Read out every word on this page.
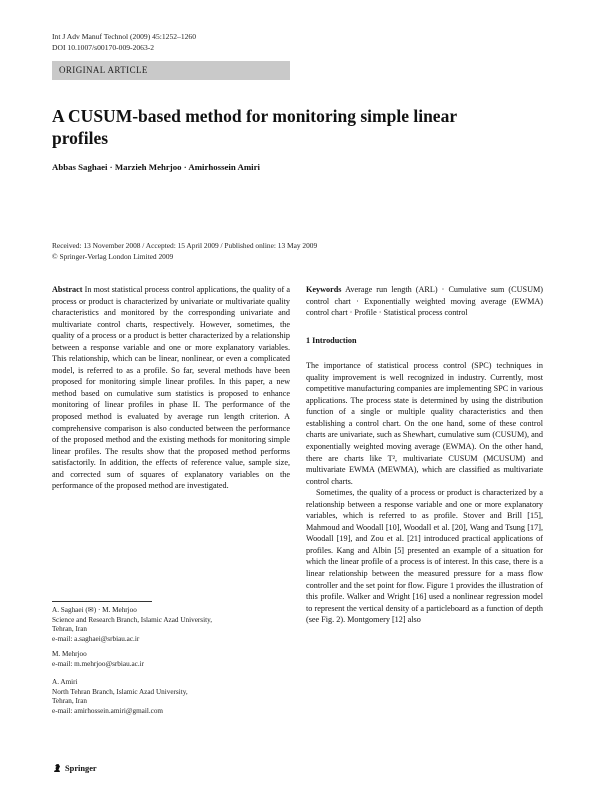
Int J Adv Manuf Technol (2009) 45:1252–1260
DOI 10.1007/s00170-009-2063-2
ORIGINAL ARTICLE
A CUSUM-based method for monitoring simple linear profiles
Abbas Saghaei · Marzieh Mehrjoo · Amirhossein Amiri
Received: 13 November 2008 / Accepted: 15 April 2009 / Published online: 13 May 2009
© Springer-Verlag London Limited 2009

Abstract In most statistical process control applications, the quality of a process or product is characterized by univariate or multivariate quality characteristics and monitored by the corresponding univariate and multivariate control charts, respectively. However, sometimes, the quality of a process or a product is better characterized by a relationship between a response variable and one or more explanatory variables. This relationship, which can be linear, nonlinear, or even a complicated model, is referred to as a profile. So far, several methods have been proposed for monitoring simple linear profiles. In this paper, a new method based on cumulative sum statistics is proposed to enhance monitoring of linear profiles in phase II. The performance of the proposed method is evaluated by average run length criterion. A comprehensive comparison is also conducted between the performance of the proposed method and the existing methods for monitoring simple linear profiles. The results show that the proposed method performs satisfactorily. In addition, the effects of reference value, sample size, and corrected sum of squares of explanatory variables on the performance of the proposed method are investigated.

Keywords Average run length (ARL) · Cumulative sum (CUSUM) control chart · Exponentially weighted moving average (EWMA) control chart · Profile · Statistical process control

1 Introduction

The importance of statistical process control (SPC) techniques in quality improvement is well recognized in industry. Currently, most competitive manufacturing companies are implementing SPC in various applications. The process state is determined by using the distribution function of a single or multiple quality characteristics and then establishing a control chart. On the one hand, some of these control charts are univariate, such as Shewhart, cumulative sum (CUSUM), and exponentially weighted moving average (EWMA). On the other hand, there are charts like T², multivariate CUSUM (MCUSUM) and multivariate EWMA (MEWMA), which are classified as multivariate control charts.

Sometimes, the quality of a process or product is characterized by a relationship between a response variable and one or more explanatory variables, which is referred to as profile. Stover and Brill [15], Mahmoud and Woodall [10], Woodall et al. [20], Wang and Tsung [17], Woodall [19], and Zou et al. [21] introduced practical applications of profiles. Kang and Albin [5] presented an example of a situation for which the linear profile of a process is of interest. In this case, there is a linear relationship between the measured pressure for a mass flow controller and the set point for flow. Figure 1 provides the illustration of this profile. Walker and Wright [16] used a nonlinear regression model to represent the vertical density of a particleboard as a function of depth (see Fig. 2). Montgomery [12] also

A. Saghaei (✉) · M. Mehrjoo
Science and Research Branch, Islamic Azad University,
Tehran, Iran
e-mail: a.saghaei@srbiau.ac.ir
M. Mehrjoo
e-mail: m.mehrjoo@srbiau.ac.ir
A. Amiri
North Tehran Branch, Islamic Azad University,
Tehran, Iran
e-mail: amirhossein.amiri@gmail.com
Springer
